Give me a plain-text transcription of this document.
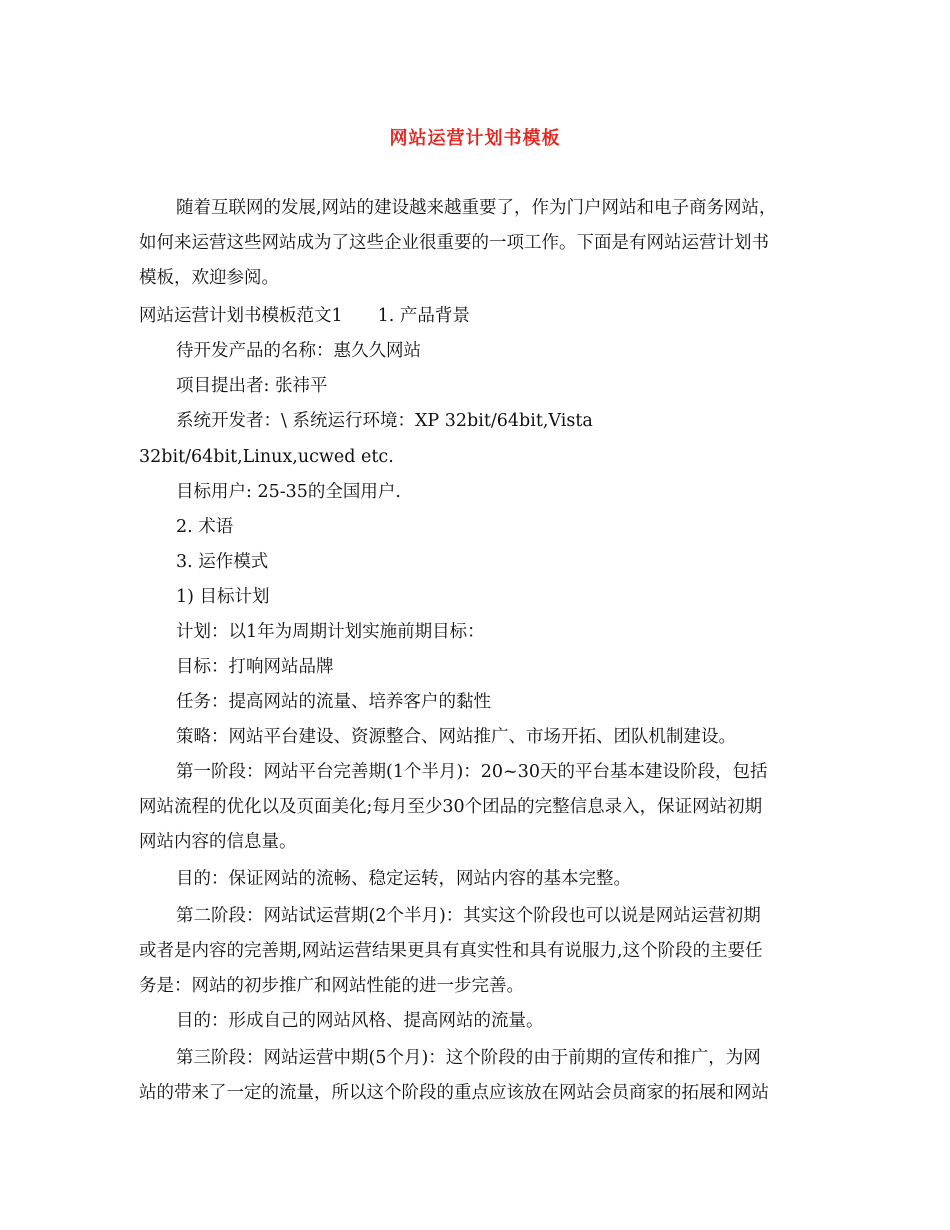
网站运营计划书模板
随着互联网的发展,网站的建设越来越重要了，作为门户网站和电子商务网站，
如何来运营这些网站成为了这些企业很重要的一项工作。下面是有网站运营计划书
模板，欢迎参阅。
网站运营计划书模板范文1　　1. 产品背景
待开发产品的名称：惠久久网站
项目提出者: 张祎平
系统开发者：\ 系统运行环境：XP 32bit/64bit,Vista
32bit/64bit,Linux,ucwed etc.
目标用户: 25-35的全国用户.
2. 术语
3. 运作模式
1) 目标计划
计划：以1年为周期计划实施前期目标：
目标：打响网站品牌
任务：提高网站的流量、培养客户的黏性
策略：网站平台建设、资源整合、网站推广、市场开拓、团队机制建设。
第一阶段：网站平台完善期(1个半月)：20~30天的平台基本建设阶段，包括
网站流程的优化以及页面美化;每月至少30个团品的完整信息录入，保证网站初期
网站内容的信息量。
目的：保证网站的流畅、稳定运转，网站内容的基本完整。
第二阶段：网站试运营期(2个半月)：其实这个阶段也可以说是网站运营初期
或者是内容的完善期,网站运营结果更具有真实性和具有说服力,这个阶段的主要任
务是：网站的初步推广和网站性能的进一步完善。
目的：形成自己的网站风格、提高网站的流量。
第三阶段：网站运营中期(5个月)：这个阶段的由于前期的宣传和推广，为网
站的带来了一定的流量，所以这个阶段的重点应该放在网站会员商家的拓展和网站
